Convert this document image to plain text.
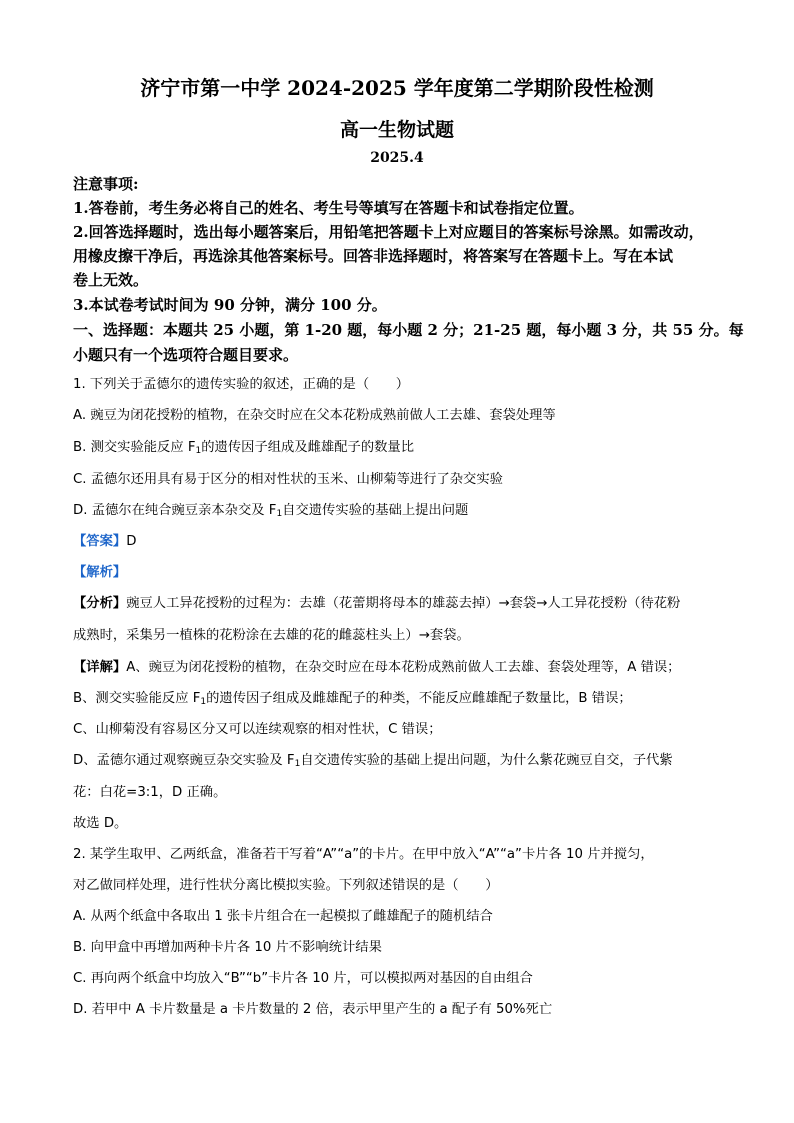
济宁市第一中学 2024-2025 学年度第二学期阶段性检测
高一生物试题
2025.4
注意事项:
1.答卷前，考生务必将自己的姓名、考生号等填写在答题卡和试卷指定位置。
2.回答选择题时，选出每小题答案后，用铅笔把答题卡上对应题目的答案标号涂黑。如需改动，
用橡皮擦干净后，再选涂其他答案标号。回答非选择题时，将答案写在答题卡上。写在本试
卷上无效。
3.本试卷考试时间为 90 分钟，满分 100 分。
一、选择题：本题共 25 小题，第 1-20 题，每小题 2 分；21-25 题，每小题 3 分，共 55 分。每
小题只有一个选项符合题目要求。
1. 下列关于孟德尔的遗传实验的叙述，正确的是（　　）
A. 豌豆为闭花授粉的植物，在杂交时应在父本花粉成熟前做人工去雄、套袋处理等
B. 测交实验能反应 $F_1$的遗传因子组成及雌雄配子的数量比
C. 孟德尔还用具有易于区分的相对性状的玉米、山柳菊等进行了杂交实验
D. 孟德尔在纯合豌豆亲本杂交及 $F_1$自交遗传实验的基础上提出问题
【答案】D
【解析】
【分析】豌豆人工异花授粉的过程为：去雄（花蕾期将母本的雄蕊去掉）→套袋→人工异花授粉（待花粉
成熟时，采集另一植株的花粉涂在去雄的花的雌蕊柱头上）→套袋。
【详解】A、豌豆为闭花授粉的植物，在杂交时应在母本花粉成熟前做人工去雄、套袋处理等，A 错误；
B、测交实验能反应 $F_1$的遗传因子组成及雌雄配子的种类，不能反应雌雄配子数量比，B 错误；
C、山柳菊没有容易区分又可以连续观察的相对性状，C 错误；
D、孟德尔通过观察豌豆杂交实验及 $F_1$自交遗传实验的基础上提出问题，为什么紫花豌豆自交，子代紫
花：白花=3:1，D 正确。
故选 D。
2. 某学生取甲、乙两纸盒，准备若干写着“A”“a”的卡片。在甲中放入“A”“a”卡片各 10 片并搅匀，
对乙做同样处理，进行性状分离比模拟实验。下列叙述错误的是（　　）
A. 从两个纸盒中各取出 1 张卡片组合在一起模拟了雌雄配子的随机结合
B. 向甲盒中再增加两种卡片各 10 片不影响统计结果
C. 再向两个纸盒中均放入“B”“b”卡片各 10 片，可以模拟两对基因的自由组合
D. 若甲中 A 卡片数量是 a 卡片数量的 2 倍，表示甲里产生的 a 配子有 50%死亡
